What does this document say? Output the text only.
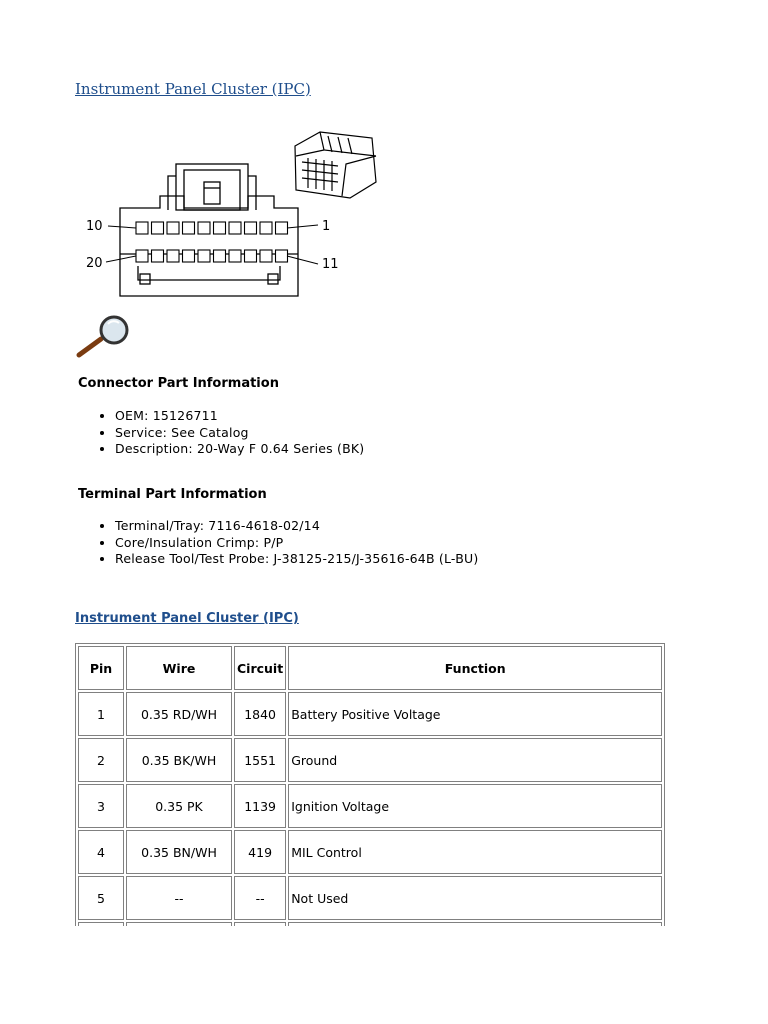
Instrument Panel Cluster (IPC)
10	1
20	11
Connector Part Information
• OEM: 15126711
• Service: See Catalog
• Description: 20-Way F 0.64 Series (BK)
Terminal Part Information
• Terminal/Tray: 7116-4618-02/14
• Core/Insulation Crimp: P/P
• Release Tool/Test Probe: J-38125-215/J-35616-64B (L-BU)
Instrument Panel Cluster (IPC)
Pin	Wire	Circuit	Function
1	0.35 RD/WH	1840	Battery Positive Voltage
2	0.35 BK/WH	1551	Ground
3	0.35 PK	1139	Ignition Voltage
4	0.35 BN/WH	419	MIL Control
5	--	--	Not Used
